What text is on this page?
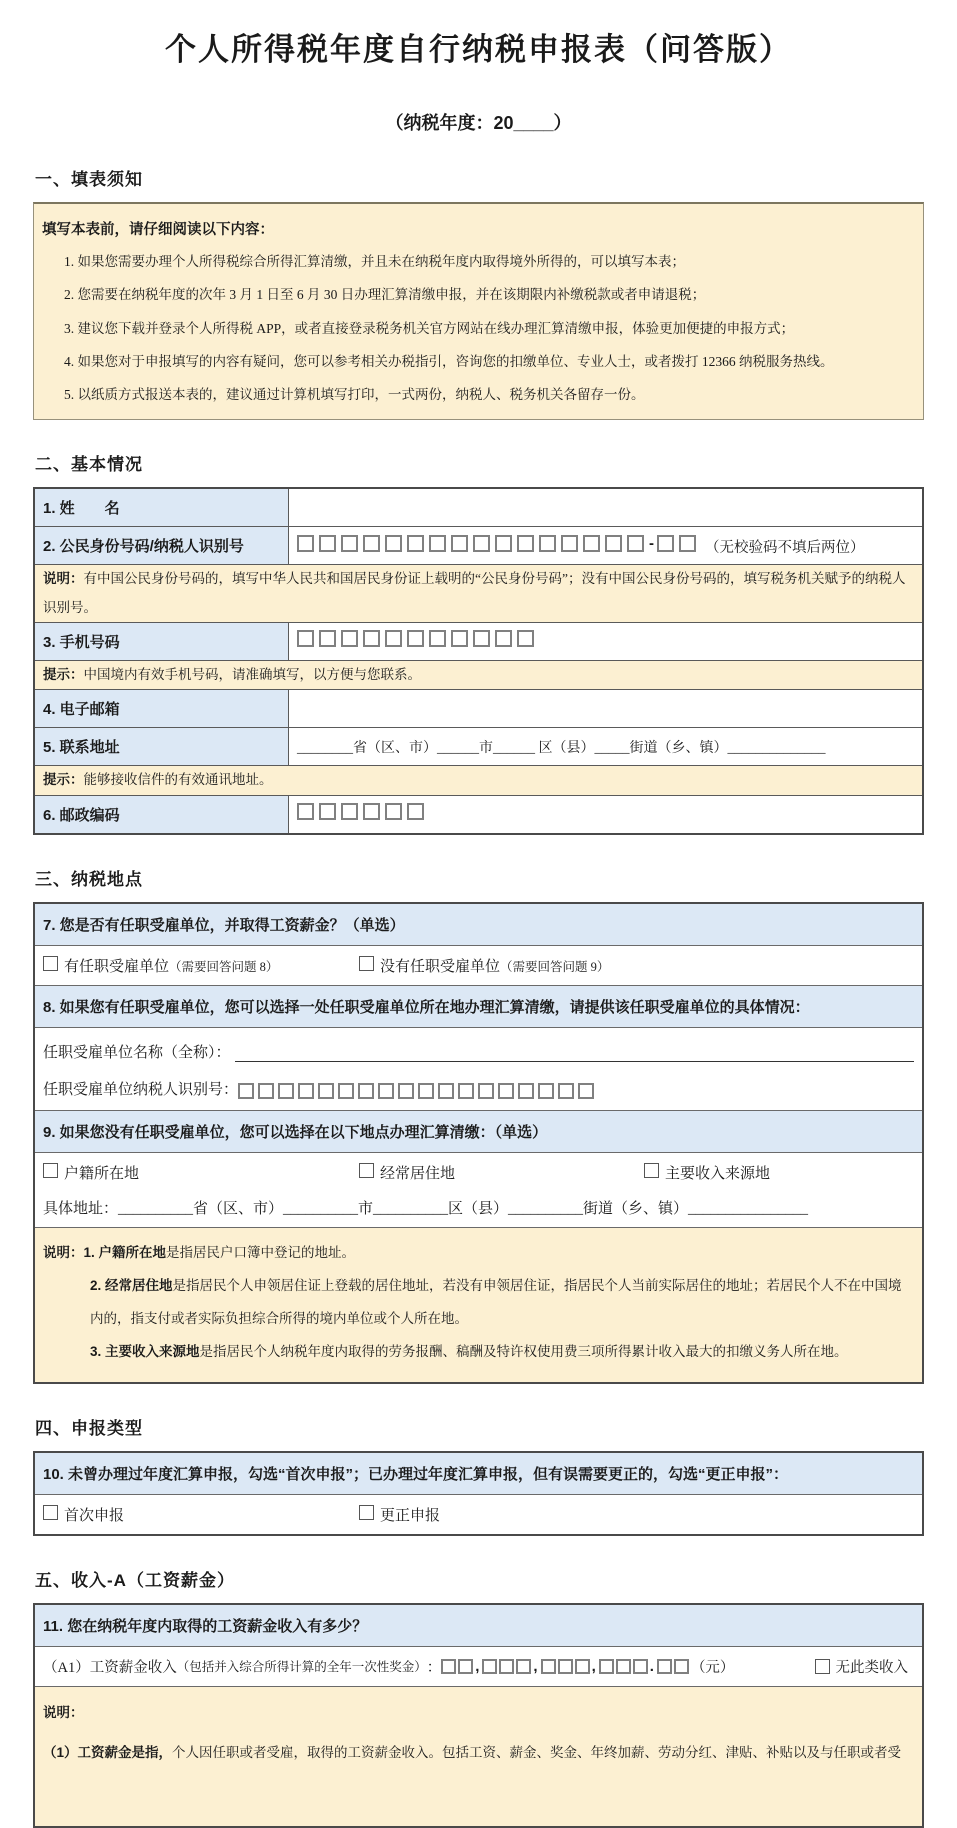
个人所得税年度自行纳税申报表（问答版）
（纳税年度：20____）
一、填表须知

填写本表前，请仔细阅读以下内容：

1. 如果您需要办理个人所得税综合所得汇算清缴，并且未在纳税年度内取得境外所得的，可以填写本表；

2. 您需要在纳税年度的次年 3 月 1 日至 6 月 30 日办理汇算清缴申报，并在该期限内补缴税款或者申请退税；

3. 建议您下载并登录个人所得税 APP，或者直接登录税务机关官方网站在线办理汇算清缴申报，体验更加便捷的申报方式；

4. 如果您对于申报填写的内容有疑问，您可以参考相关办税指引，咨询您的扣缴单位、专业人士，或者拨打 12366 纳税服务热线。

5. 以纸质方式报送本表的，建议通过计算机填写打印，一式两份，纳税人、税务机关各留存一份。

二、基本情况
1. 姓　　名	
2. 公民身份号码/纳税人识别号	- （无校验码不填后两位）
说明：有中国公民身份号码的，填写中华人民共和国居民身份证上载明的“公民身份号码”；没有中国公民身份号码的，填写税务机关赋予的纳税人识别号。	
3. 手机号码	

提示：中国境内有效手机号码，请准确填写，以方便与您联系。	
4. 电子邮箱	
5. 联系地址	________省（区、市）______市______ 区（县）_____街道（乡、镇）______________
提示：能够接收信件的有效通讯地址。	
6. 邮政编码	
三、纳税地点
7. 您是否有任职受雇单位，并取得工资薪金？（单选）
有任职受雇单位 （需要回答问题 8）	没有任职受雇单位 （需要回答问题 9）
8. 如果您有任职受雇单位，您可以选择一处任职受雇单位所在地办理汇算清缴，请提供该任职受雇单位的具体情况：
任职受雇单位名称（全称）：
任职受雇单位纳税人识别号：
9. 如果您没有任职受雇单位，您可以选择在以下地点办理汇算清缴：（单选）
户籍所在地	经常居住地	主要收入来源地
具体地址：__________省（区、市）__________市__________区（县）__________街道（乡、镇）________________

说明：1. 户籍所在地是指居民户口簿中登记的地址。

2. 经常居住地是指居民个人申领居住证上登载的居住地址，若没有申领居住证，指居民个人当前实际居住的地址；若居民个人不在中国境内的，指支付或者实际负担综合所得的境内单位或个人所在地。

3. 主要收入来源地是指居民个人纳税年度内取得的劳务报酬、稿酬及特许权使用费三项所得累计收入最大的扣缴义务人所在地。

四、申报类型
10. 未曾办理过年度汇算申报，勾选“首次申报”；已办理过年度汇算申报，但有误需要更正的，勾选“更正申报”：
首次申报	更正申报
五、收入-A（工资薪金）
11. 您在纳税年度内取得的工资薪金收入有多少？
（A1）工资薪金收入 （包括并入综合所得计算的全年一次性奖金） ： ,	,	,	.	（元）	无此类收入

说明：

（1）工资薪金是指，个人因任职或者受雇，取得的工资薪金收入。包括工资、薪金、奖金、年终加薪、劳动分红、津贴、补贴以及与任职或者受
